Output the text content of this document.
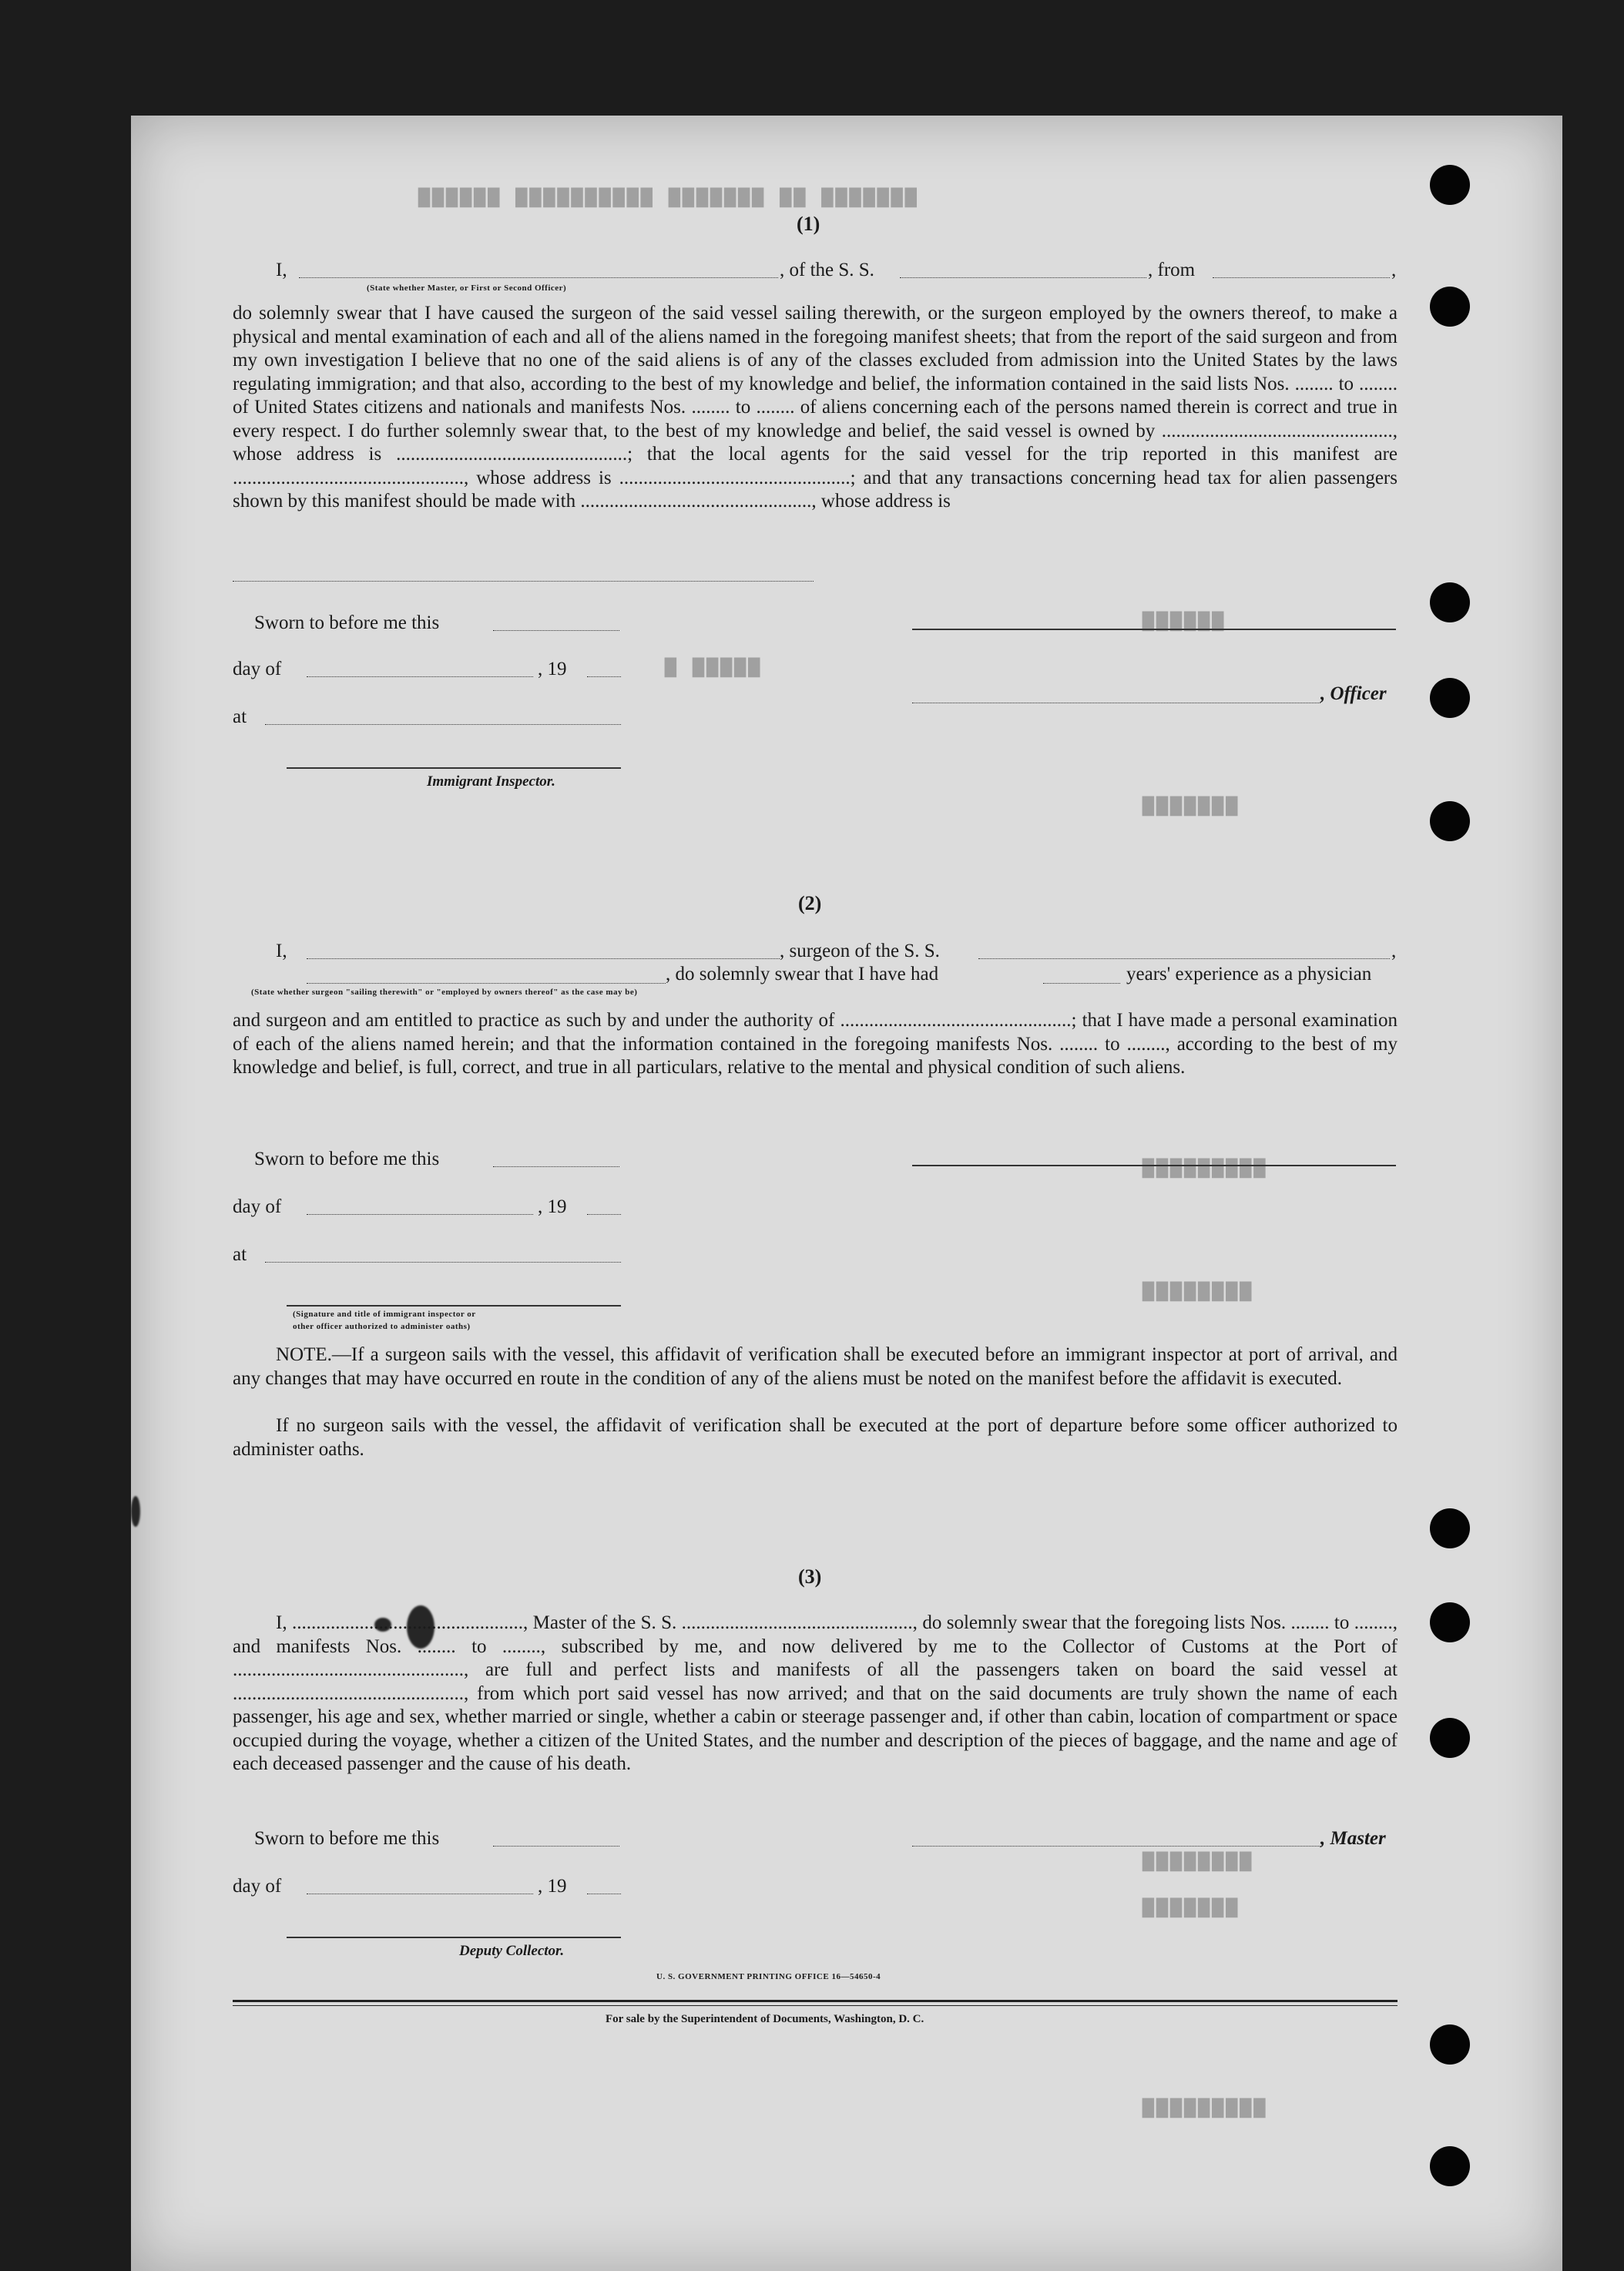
▇▇▇▇▇▇▇ ▇▇ ▇▇▇▇▇▇▇ ▇▇▇▇▇▇▇▇▇▇ ▇▇▇▇▇▇
▇▇▇▇▇▇
▇▇▇▇▇ ▇
▇▇▇▇▇▇▇
▇▇▇▇▇▇▇▇▇
▇▇▇▇▇▇▇▇
▇▇▇▇▇▇▇▇
▇▇▇▇▇▇▇
▇▇▇▇▇▇▇▇▇
(1)
I,
(State whether Master, or First or Second Officer)
, of the S. S.	, from	,
do solemnly swear that I have caused the surgeon of the said vessel sailing therewith, or the surgeon employed by the owners thereof, to make a physical and mental examination of each and all of the aliens named in the foregoing manifest sheets; that from the report of the said surgeon and from my own investigation I believe that no one of the said aliens is of any of the classes excluded from admission into the United States by the laws regulating immigration; and that also, according to the best of my knowledge and belief, the information contained in the said lists Nos. ........ to ........ of United States citizens and nationals and manifests Nos. ........ to ........ of aliens concerning each of the persons named therein is correct and true in every respect. I do further solemnly swear that, to the best of my knowledge and belief, the said vessel is owned by ................................................, whose address is ................................................; that the local agents for the said vessel for the trip reported in this manifest are ................................................, whose address is ................................................; and that any transactions concerning head tax for alien passengers shown by this manifest should be made with ................................................, whose address is
Sworn to before me this
day of	, 19
, Officer
at
Immigrant Inspector.
(2)
I,	, surgeon of the S. S.	,
, do solemnly swear that I have had	years' experience as a physician
(State whether surgeon "sailing therewith" or "employed by owners thereof" as the case may be)
and surgeon and am entitled to practice as such by and under the authority of ................................................; that I have made a personal examination of each of the aliens named herein; and that the information contained in the foregoing manifests Nos. ........ to ........, according to the best of my knowledge and belief, is full, correct, and true in all particulars, relative to the mental and physical condition of such aliens.
Sworn to before me this
day of	, 19
at
(Signature and title of immigrant inspector or
other officer authorized to administer oaths)
NOTE.—If a surgeon sails with the vessel, this affidavit of verification shall be executed before an immigrant inspector at port of arrival, and any changes that may have occurred en route in the condition of any of the aliens must be noted on the manifest before the affidavit is executed.
If no surgeon sails with the vessel, the affidavit of verification shall be executed at the port of departure before some officer authorized to administer oaths.
(3)
I, ................................................, Master of the S. S. ................................................, do solemnly swear that the foregoing lists Nos. ........ to ........, and manifests Nos. ........ to ........, subscribed by me, and now delivered by me to the Collector of Customs at the Port of ................................................, are full and perfect lists and manifests of all the passengers taken on board the said vessel at ................................................, from which port said vessel has now arrived; and that on the said documents are truly shown the name of each passenger, his age and sex, whether married or single, whether a cabin or steerage passenger and, if other than cabin, location of compartment or space occupied during the voyage, whether a citizen of the United States, and the number and description of the pieces of baggage, and the name and age of each deceased passenger and the cause of his death.
Sworn to before me this	, Master
day of	, 19
Deputy Collector.
U. S. GOVERNMENT PRINTING OFFICE 16—54650-4
For sale by the Superintendent of Documents, Washington, D. C.
